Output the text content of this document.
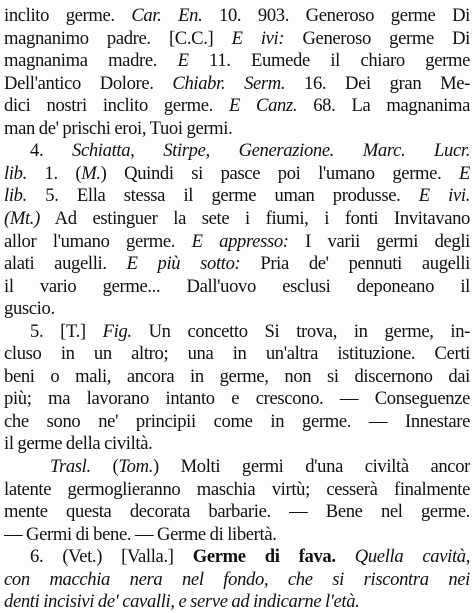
inclito germe. Car. En. 10. 903. Generoso germe Di
magnanimo padre. [C.C.] E ivi: Generoso germe Di
magnanima madre. E 11. Eumede il chiaro germe
Dell'antico Dolore. Chiabr. Serm. 16. Dei gran Me-
dici nostri inclito germe. E Canz. 68. La magnanima
man de' prischi eroi, Tuoi germi.
4. Schiatta, Stirpe, Generazione. Marc. Lucr.
lib. 1. (M.) Quindi si pasce poi l'umano germe. E
lib. 5. Ella stessa il germe uman produsse. E ivi.
(Mt.) Ad estinguer la sete i fiumi, i fonti Invitavano
allor l'umano germe. E appresso: I varii germi degli
alati augelli. E più sotto: Pria de' pennuti augelli
il vario germe... Dall'uovo esclusi deponeano il
guscio.
5. [T.] Fig. Un concetto Si trova, in germe, in-
cluso in un altro; una in un'altra istituzione. Certi
beni o mali, ancora in germe, non si discernono dai
più; ma lavorano intanto e crescono. — Conseguenze
che sono ne' principii come in germe. — Innestare
il germe della civiltà.
Trasl. (Tom.) Molti germi d'una civiltà ancor
latente germoglieranno maschia virtù; cesserà finalmente
mente questa decorata barbarie. — Bene nel germe.
— Germi di bene. — Germe di libertà.
6. (Vet.) [Valla.] Germe di fava. Quella cavità,
con macchia nera nel fondo, che si riscontra nei
denti incisivi de' cavalli, e serve ad indicarne l'età.
